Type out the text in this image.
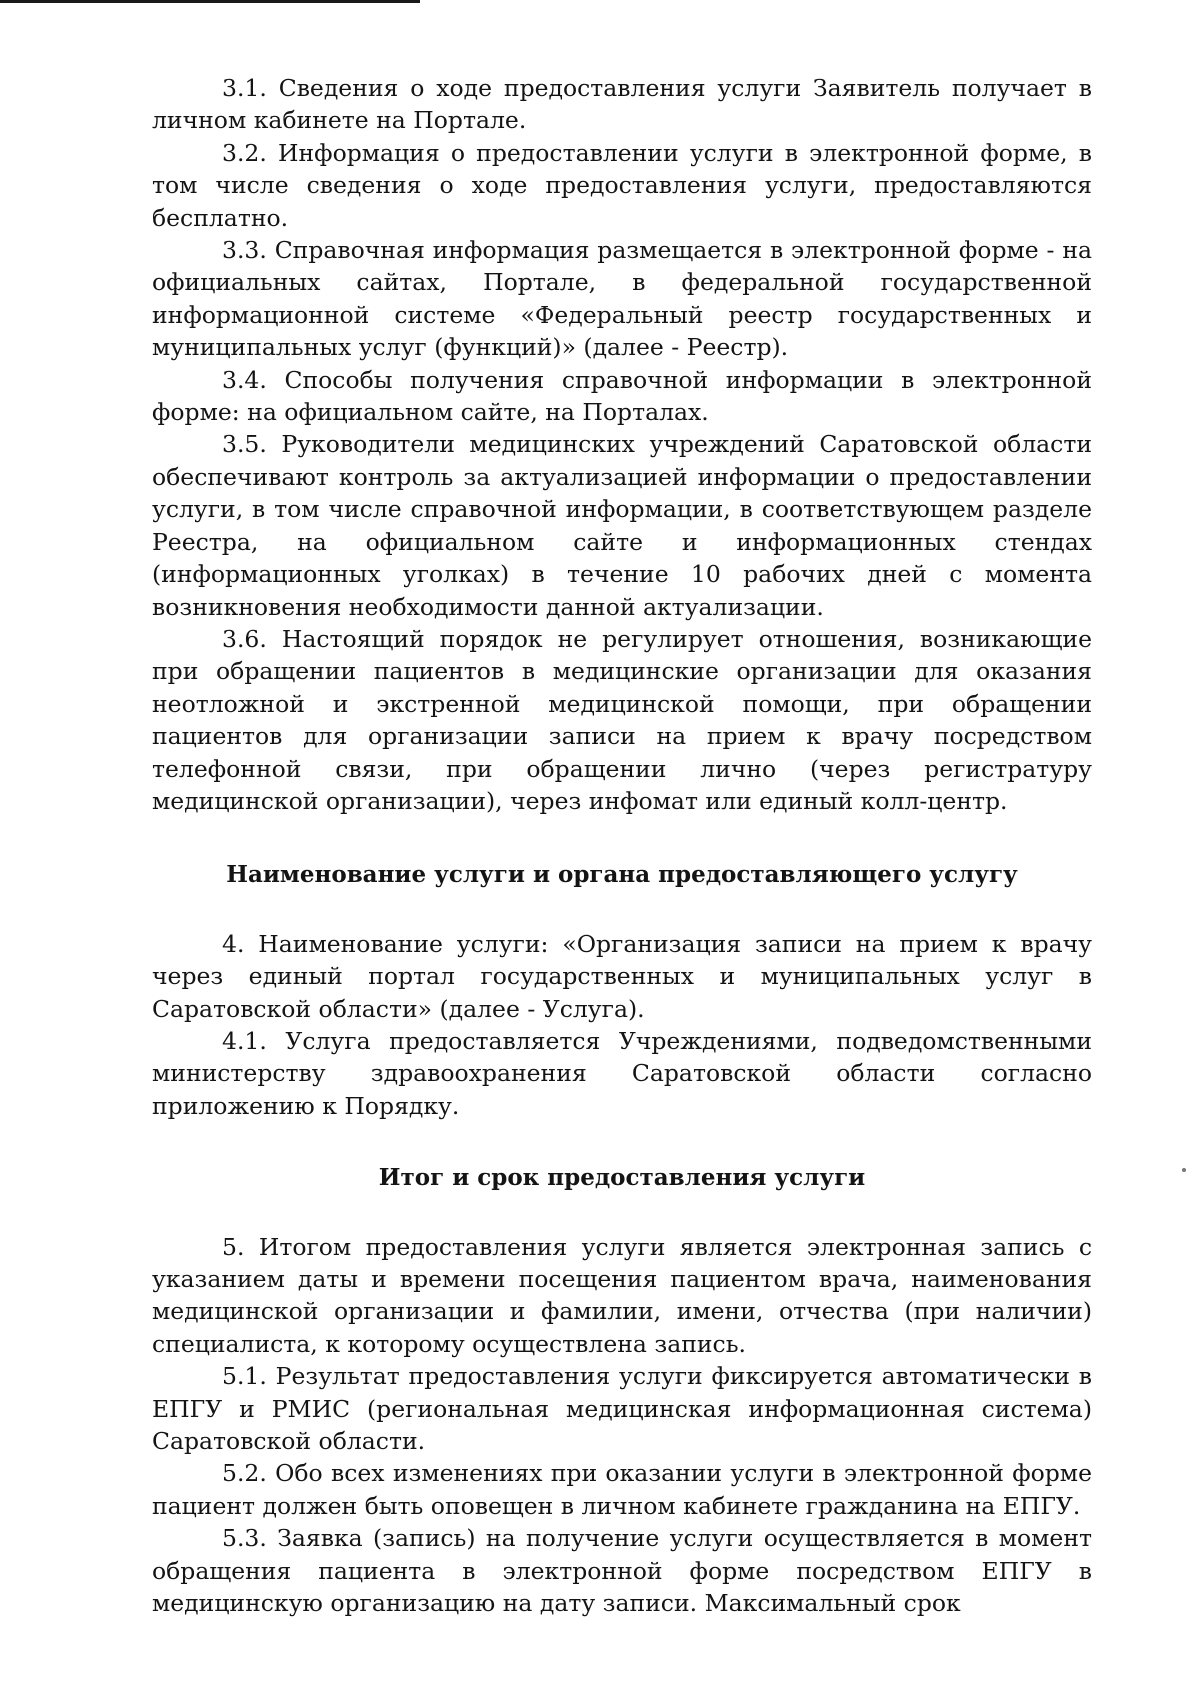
3.1. Сведения о ходе предоставления услуги Заявитель получает в личном кабинете на Портале.

3.2. Информация о предоставлении услуги в электронной форме, в том числе сведения о ходе предоставления услуги, предоставляются бесплатно.

3.3. Справочная информация размещается в электронной форме - на официальных сайтах, Портале, в федеральной государственной информационной системе «Федеральный реестр государственных и муниципальных услуг (функций)» (далее - Реестр).

3.4. Способы получения справочной информации в электронной форме: на официальном сайте, на Порталах.

3.5. Руководители медицинских учреждений Саратовской области обеспечивают контроль за актуализацией информации о предоставлении услуги, в том числе справочной информации, в соответствующем разделе Реестра, на официальном сайте и информационных стендах (информационных уголках) в течение 10 рабочих дней с момента возникновения необходимости данной актуализации.

3.6. Настоящий порядок не регулирует отношения, возникающие при обращении пациентов в медицинские организации для оказания неотложной и экстренной медицинской помощи, при обращении пациентов для организации записи на прием к врачу посредством телефонной связи, при обращении лично (через регистратуру медицинской организации), через инфомат или единый колл-центр.

Наименование услуги и органа предоставляющего услугу

4. Наименование услуги: «Организация записи на прием к врачу через единый портал государственных и муниципальных услуг в Саратовской области» (далее - Услуга).

4.1. Услуга предоставляется Учреждениями, подведомственными министерству здравоохранения Саратовской области согласно приложению к Порядку.

Итог и срок предоставления услуги

5. Итогом предоставления услуги является электронная запись с указанием даты и времени посещения пациентом врача, наименования медицинской организации и фамилии, имени, отчества (при наличии) специалиста, к которому осуществлена запись.

5.1. Результат предоставления услуги фиксируется автоматически в ЕПГУ и РМИС (региональная медицинская информационная система) Саратовской области.

5.2. Обо всех изменениях при оказании услуги в электронной форме пациент должен быть оповещен в личном кабинете гражданина на ЕПГУ.

5.3. Заявка (запись) на получение услуги осуществляется в момент обращения пациента в электронной форме посредством ЕПГУ в медицинскую организацию на дату записи. Максимальный срок
